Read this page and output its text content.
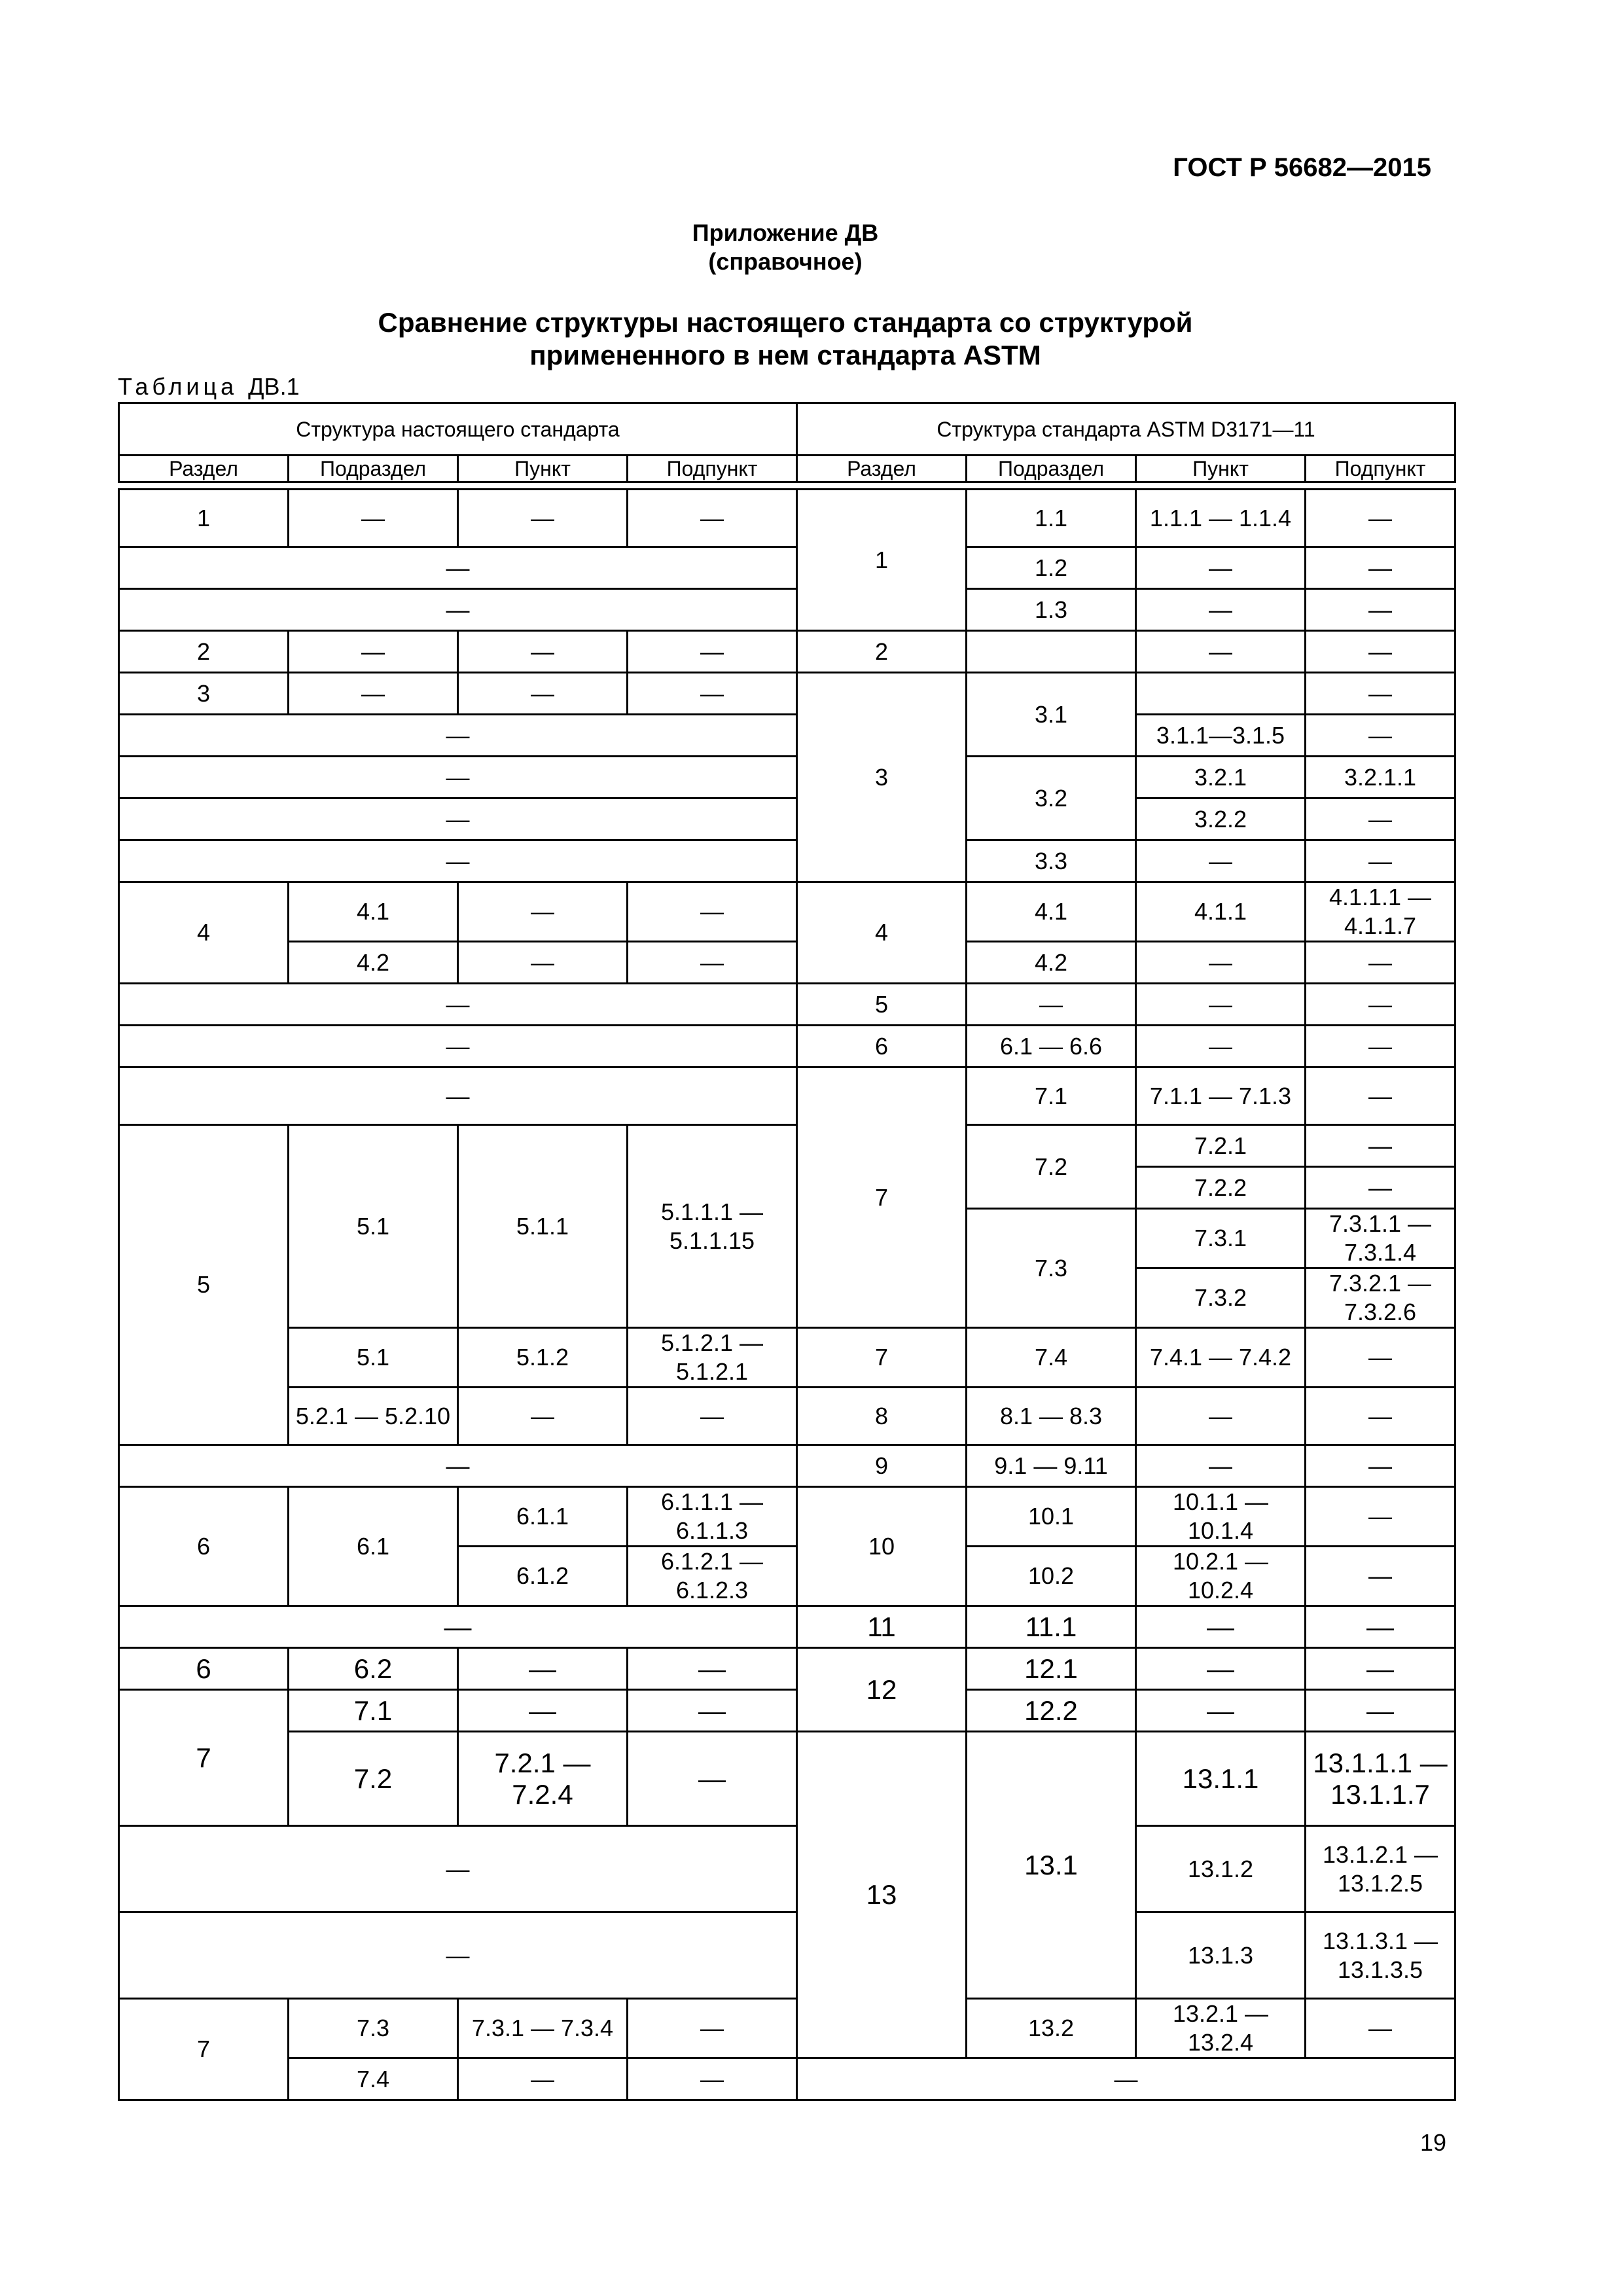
ГОСТ Р 56682—2015
Приложение ДВ
(справочное)
Сравнение структуры настоящего стандарта со структурой
примененного в нем стандарта ASTM
Таблица ДВ.1
Структура настоящего стандарта				Структура стандарта ASTM D3171—11			
Раздел	Подраздел	Пункт	Подпункт	Раздел	Подраздел	Пункт	Подпункт
1	—	—	—	1	1.1	1.1.1 — 1.1.4	—
—					1.2	—	—
—					1.3	—	—
2	—	—	—	2		—	—
3	—	—	—	3	3.1		—
—						3.1.1—3.1.5	—
—					3.2	3.2.1	3.2.1.1
—						3.2.2	—
—					3.3	—	—
4	4.1	—	—	4	4.1	4.1.1	4.1.1.1 — 4.1.1.7
	4.2	—	—		4.2	—	—
—				5	—	—	—
—				6	6.1 — 6.6	—	—
—				7	7.1	7.1.1 — 7.1.3	—
5	5.1	5.1.1	5.1.1.1 — 5.1.1.15		7.2	7.2.1	—
						7.2.2	—
					7.3	7.3.1	7.3.1.1 — 7.3.1.4
						7.3.2	7.3.2.1 — 7.3.2.6
	5.1	5.1.2	5.1.2.1 — 5.1.2.1	7	7.4	7.4.1 — 7.4.2	—
	5.2.1 — 5.2.10	—	—	8	8.1 — 8.3	—	—
—				9	9.1 — 9.11	—	—
6	6.1	6.1.1	6.1.1.1 — 6.1.1.3	10	10.1	10.1.1 — 10.1.4	—
		6.1.2	6.1.2.1 — 6.1.2.3		10.2	10.2.1 — 10.2.4	—
—				11	11.1	—	—
6	6.2	—	—	12	12.1	—	—
7	7.1	—	—		12.2	—	—
	7.2	7.2.1 — 7.2.4	—	13	13.1	13.1.1	13.1.1.1 — 13.1.1.7
—						13.1.2	13.1.2.1 — 13.1.2.5
—						13.1.3	13.1.3.1 — 13.1.3.5
7	7.3	7.3.1 — 7.3.4	—		13.2	13.2.1 — 13.2.4	—
	7.4	—	—	—			
19
